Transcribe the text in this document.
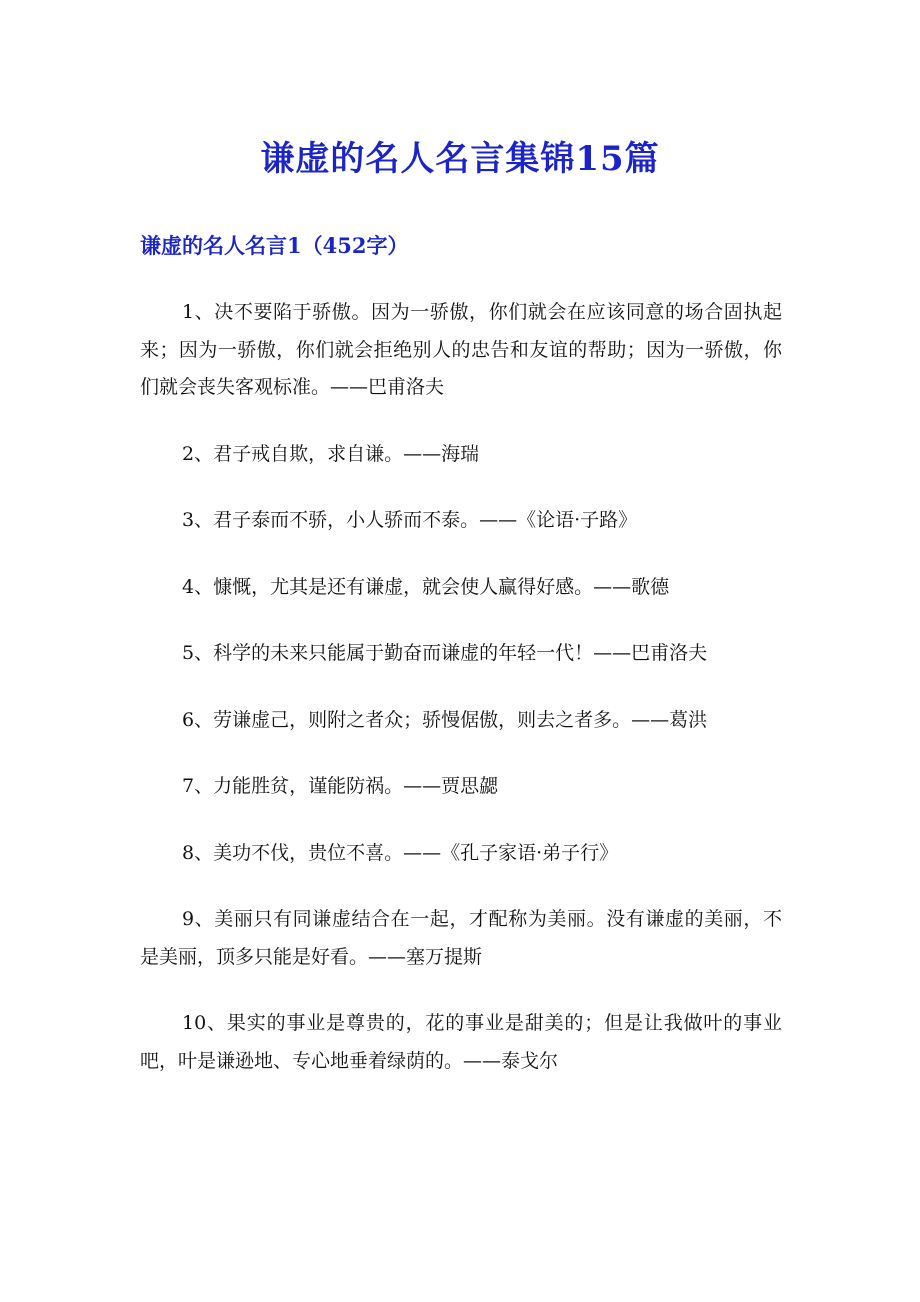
谦虚的名人名言集锦15篇
谦虚的名人名言1（452字）
1、决不要陷于骄傲。因为一骄傲，你们就会在应该同意的场合固执起来；因为一骄傲，你们就会拒绝别人的忠告和友谊的帮助；因为一骄傲，你们就会丧失客观标准。——巴甫洛夫
2、君子戒自欺，求自谦。——海瑞
3、君子泰而不骄，小人骄而不泰。——《论语·子路》
4、慷慨，尤其是还有谦虚，就会使人赢得好感。——歌德
5、科学的未来只能属于勤奋而谦虚的年轻一代！——巴甫洛夫
6、劳谦虚己，则附之者众；骄慢倨傲，则去之者多。——葛洪
7、力能胜贫，谨能防祸。——贾思勰
8、美功不伐，贵位不喜。——《孔子家语·弟子行》
9、美丽只有同谦虚结合在一起，才配称为美丽。没有谦虚的美丽，不是美丽，顶多只能是好看。——塞万提斯
10、果实的事业是尊贵的，花的事业是甜美的；但是让我做叶的事业吧，叶是谦逊地、专心地垂着绿荫的。——泰戈尔
